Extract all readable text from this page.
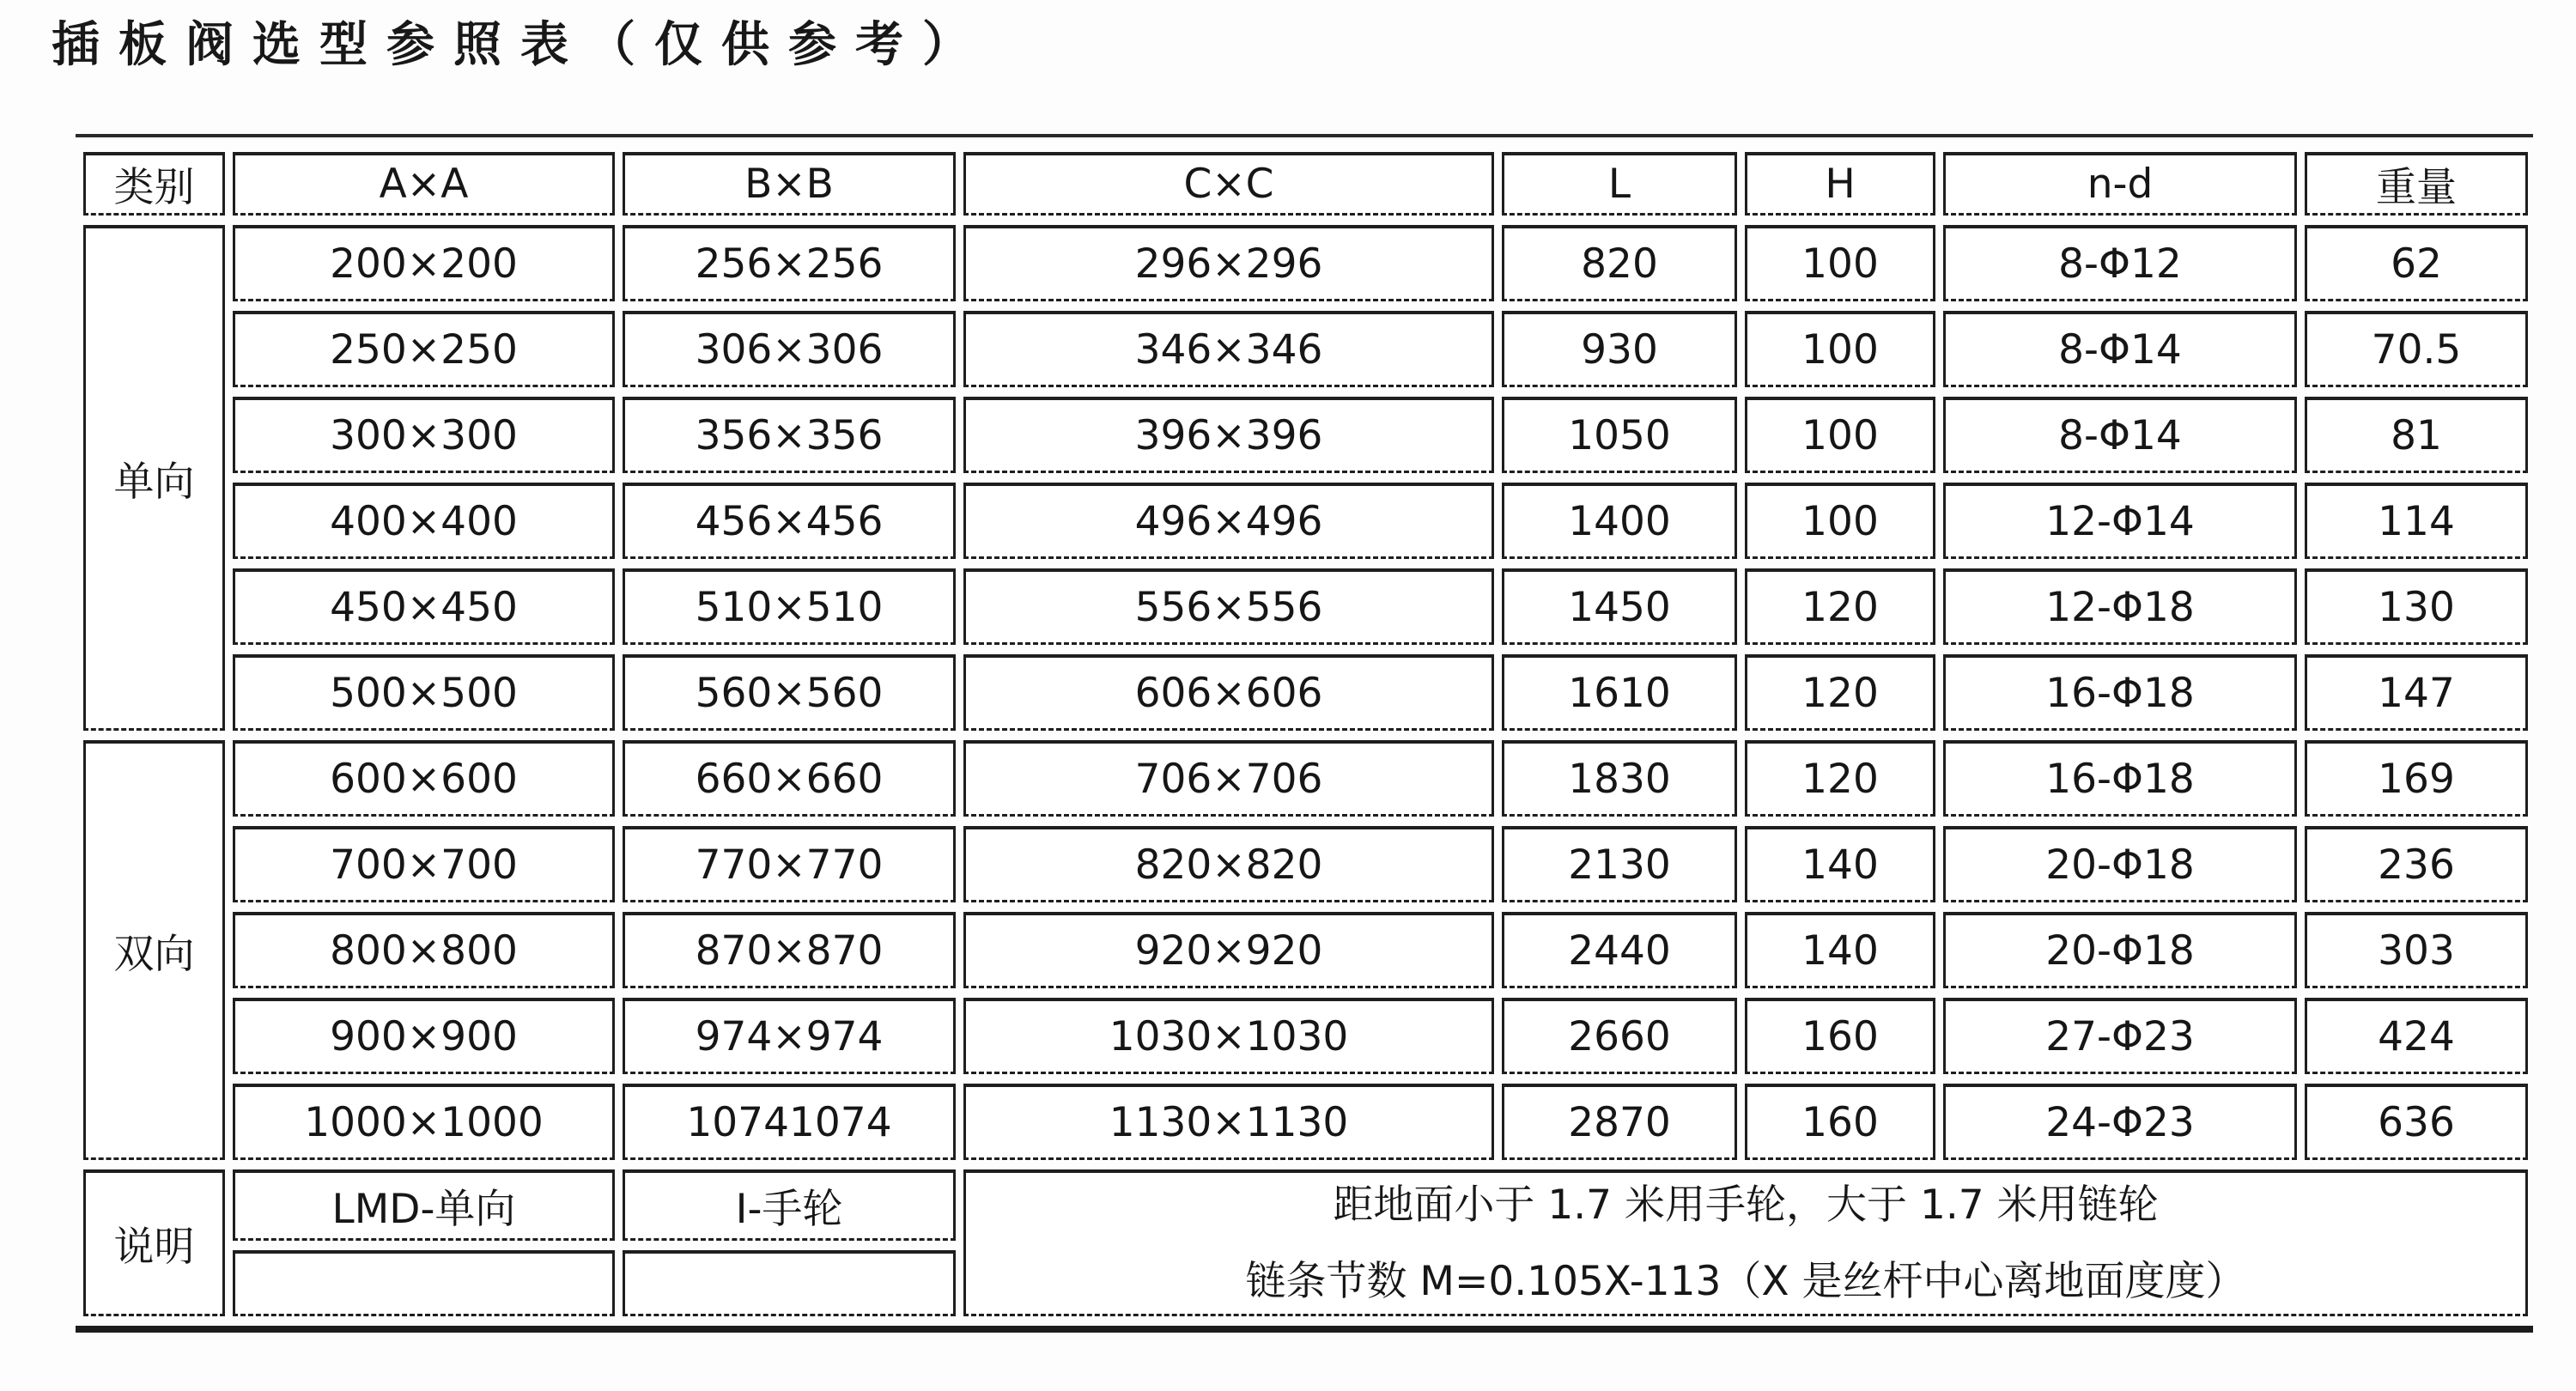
插板阀选型参照表（仅供参考）
类别	A×A	B×B	C×C	L	H	n-d	重量
单向	200×200	256×256	296×296	820	100	8-Φ12	62
	250×250	306×306	346×346	930	100	8-Φ14	70.5
	300×300	356×356	396×396	1050	100	8-Φ14	81
	400×400	456×456	496×496	1400	100	12-Φ14	114
	450×450	510×510	556×556	1450	120	12-Φ18	130
	500×500	560×560	606×606	1610	120	16-Φ18	147
双向	600×600	660×660	706×706	1830	120	16-Φ18	169
	700×700	770×770	820×820	2130	140	20-Φ18	236
	800×800	870×870	920×920	2440	140	20-Φ18	303
	900×900	974×974	1030×1030	2660	160	27-Φ23	424
	1000×1000	10741074	1130×1130	2870	160	24-Φ23	636
说明	LMD-单向	I-手轮	距地面小于 1.7 米用手轮，大于 1.7 米用链轮
链条节数 M=0.105X-113（X 是丝杆中心离地面度度）				
